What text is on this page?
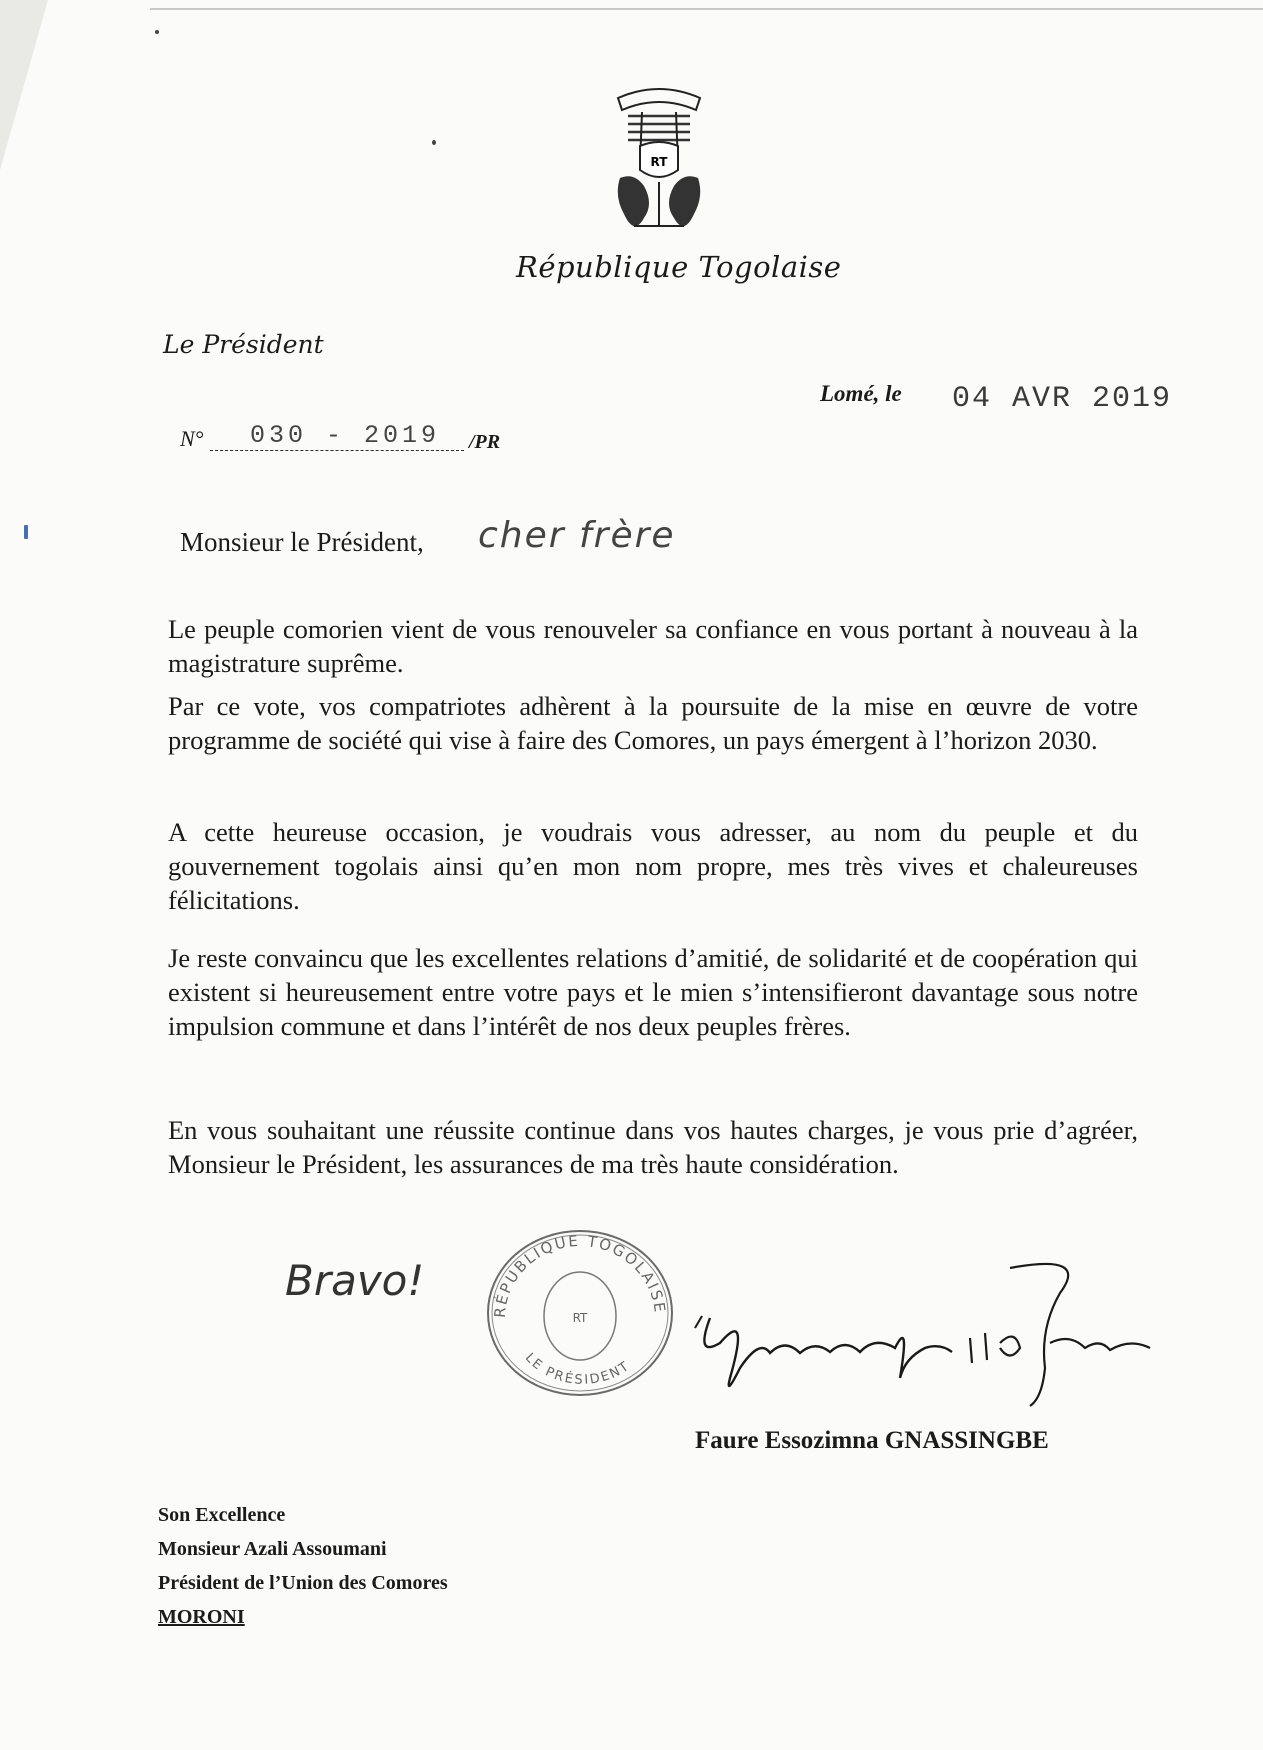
RT
République Togolaise
Le Président
Lomé, le 04 AVR 2019
N°	030 - 2019	/PR
Monsieur le Président, cher frère

Le peuple comorien vient de vous renouveler sa confiance en vous portant à nouveau à la magistrature suprême.

Par ce vote, vos compatriotes adhèrent à la poursuite de la mise en œuvre de votre programme de société qui vise à faire des Comores, un pays émergent à l’horizon 2030.

A cette heureuse occasion, je voudrais vous adresser, au nom du peuple et du gouvernement togolais ainsi qu’en mon nom propre, mes très vives et chaleureuses félicitations.

Je reste convaincu que les excellentes relations d’amitié, de solidarité et de coopération qui existent si heureusement entre votre pays et le mien s’intensifieront davantage sous notre impulsion commune et dans l’intérêt de nos deux peuples frères.

En vous souhaitant une réussite continue dans vos hautes charges, je vous prie d’agréer, Monsieur le Président, les assurances de ma très haute considération.

Bravo!
RÉPUBLIQUE TOGOLAISE
LE PRÉSIDENT
RT
Faure Essozimna GNASSINGBE
Son Excellence
Monsieur Azali Assoumani
Président de l’Union des Comores
MORONI
